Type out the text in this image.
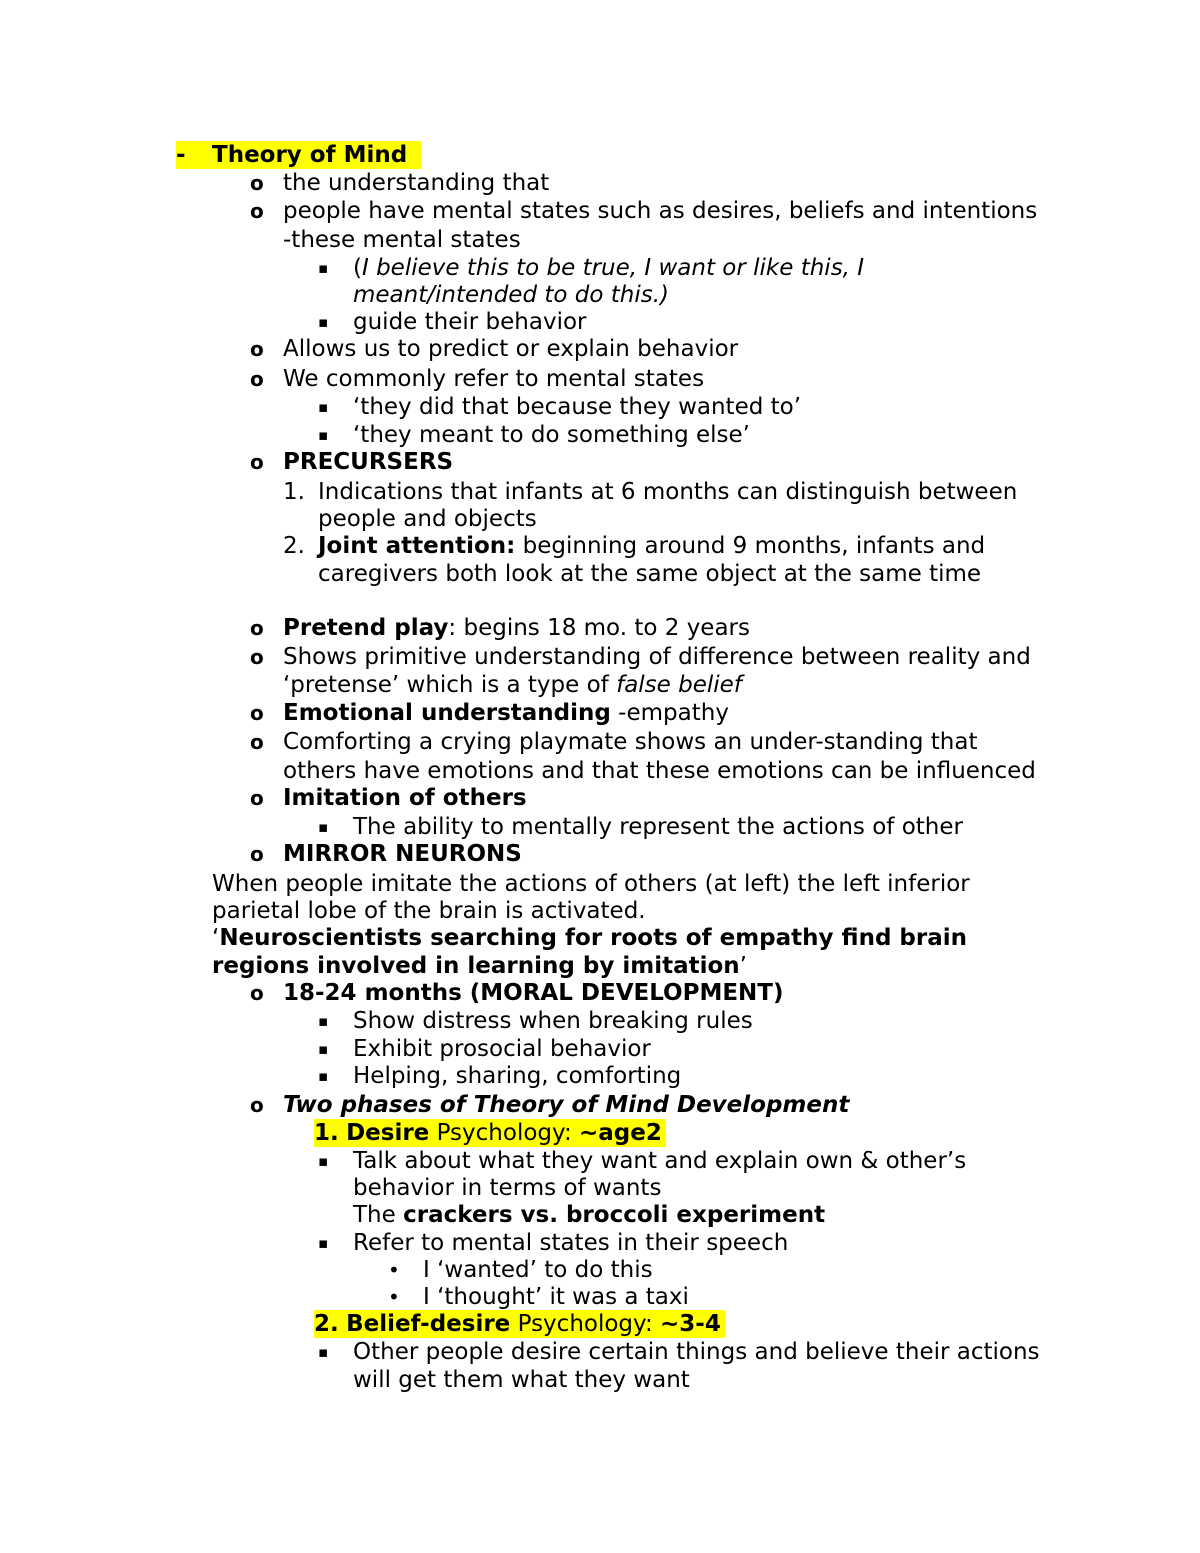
-	Theory of Mind
o the understanding that
o people have mental states such as desires, beliefs and intentions
-these mental states
▪ (I believe this to be true, I want or like this, I
meant/intended to do this.)
▪ guide their behavior
o Allows us to predict or explain behavior
o We commonly refer to mental states
▪ ‘they did that because they wanted to’
▪ ‘they meant to do something else’
o PRECURSERS
1. Indications that infants at 6 months can distinguish between
people and objects
2. Joint attention: beginning around 9 months, infants and
caregivers both look at the same object at the same time
o Pretend play: begins 18 mo. to 2 years
o Shows primitive understanding of difference between reality and
‘pretense’ which is a type of false belief
o Emotional understanding -empathy
o Comforting a crying playmate shows an under-standing that
others have emotions and that these emotions can be influenced
o Imitation of others
▪ The ability to mentally represent the actions of other
o MIRROR NEURONS
When people imitate the actions of others (at left) the left inferior
parietal lobe of the brain is activated.
‘Neuroscientists searching for roots of empathy find brain
regions involved in learning by imitation’
o 18-24 months (MORAL DEVELOPMENT)
▪ Show distress when breaking rules
▪ Exhibit prosocial behavior
▪ Helping, sharing, comforting
o Two phases of Theory of Mind Development
1. Desire Psychology: ~age2
▪ Talk about what they want and explain own & other’s
behavior in terms of wants
The crackers vs. broccoli experiment
▪ Refer to mental states in their speech
• I ‘wanted’ to do this
• I ‘thought’ it was a taxi
2. Belief-desire Psychology: ~3-4
▪ Other people desire certain things and believe their actions
will get them what they want
